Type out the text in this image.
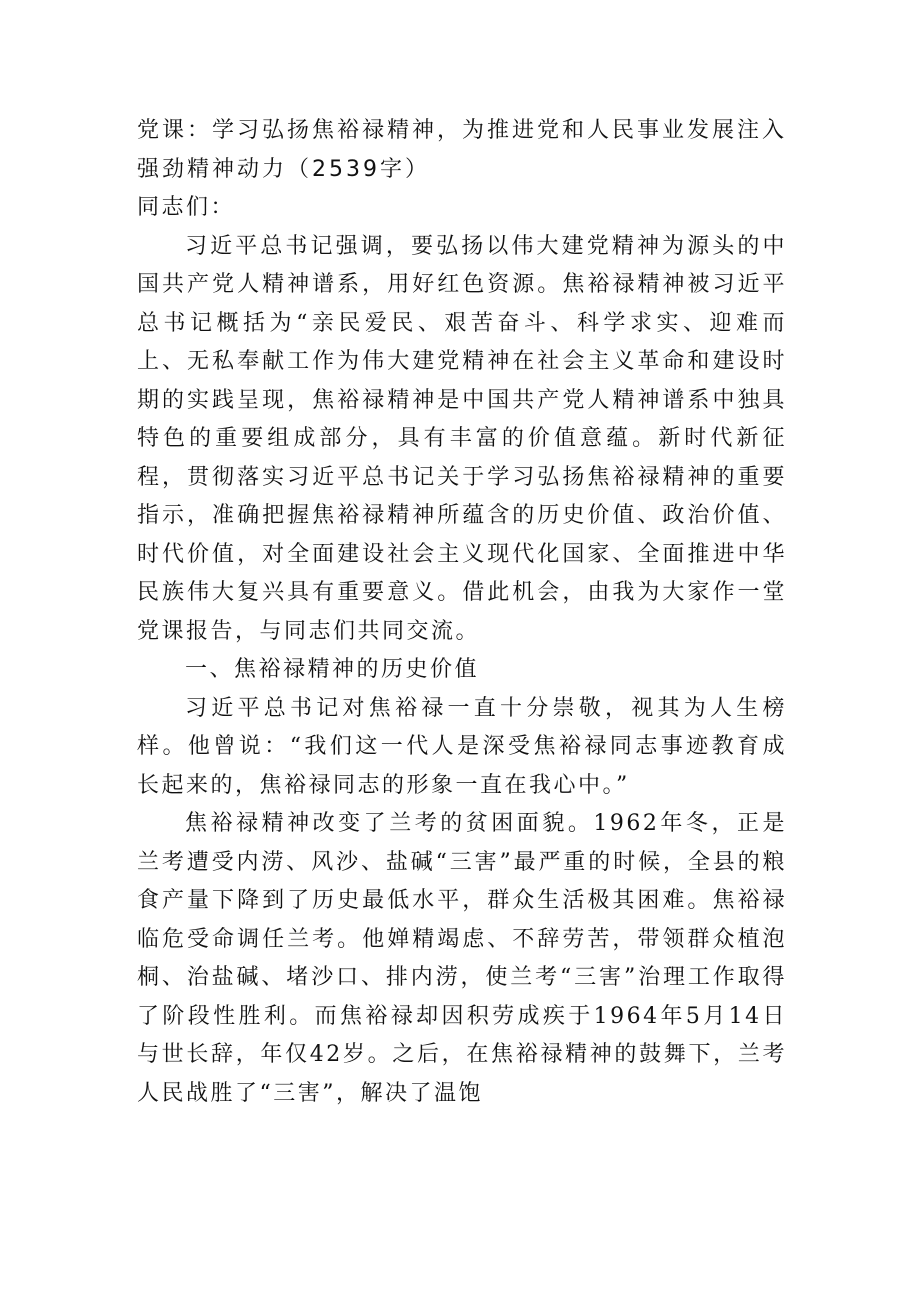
党课：学习弘扬焦裕禄精神，为推进党和人民事业发展注入强劲精神动力（2539字）

同志们：

习近平总书记强调，要弘扬以伟大建党精神为源头的中国共产党人精神谱系，用好红色资源。焦裕禄精神被习近平总书记概括为“亲民爱民、艰苦奋斗、科学求实、迎难而上、无私奉献工作为伟大建党精神在社会主义革命和建设时期的实践呈现，焦裕禄精神是中国共产党人精神谱系中独具特色的重要组成部分，具有丰富的价值意蕴。新时代新征程，贯彻落实习近平总书记关于学习弘扬焦裕禄精神的重要指示，准确把握焦裕禄精神所蕴含的历史价值、政治价值、时代价值，对全面建设社会主义现代化国家、全面推进中华民族伟大复兴具有重要意义。借此机会，由我为大家作一堂党课报告，与同志们共同交流。

一、焦裕禄精神的历史价值

习近平总书记对焦裕禄一直十分崇敬，视其为人生榜样。他曾说：“我们这一代人是深受焦裕禄同志事迹教育成长起来的，焦裕禄同志的形象一直在我心中。”

焦裕禄精神改变了兰考的贫困面貌。1962年冬，正是兰考遭受内涝、风沙、盐碱“三害”最严重的时候，全县的粮食产量下降到了历史最低水平，群众生活极其困难。焦裕禄临危受命调任兰考。他婵精竭虑、不辞劳苦，带领群众植泡桐、治盐碱、堵沙口、排内涝，使兰考“三害”治理工作取得了阶段性胜利。而焦裕禄却因积劳成疾于1964年5月14日与世长辞，年仅42岁。之后，在焦裕禄精神的鼓舞下，兰考人民战胜了“三害”，解决了温饱
